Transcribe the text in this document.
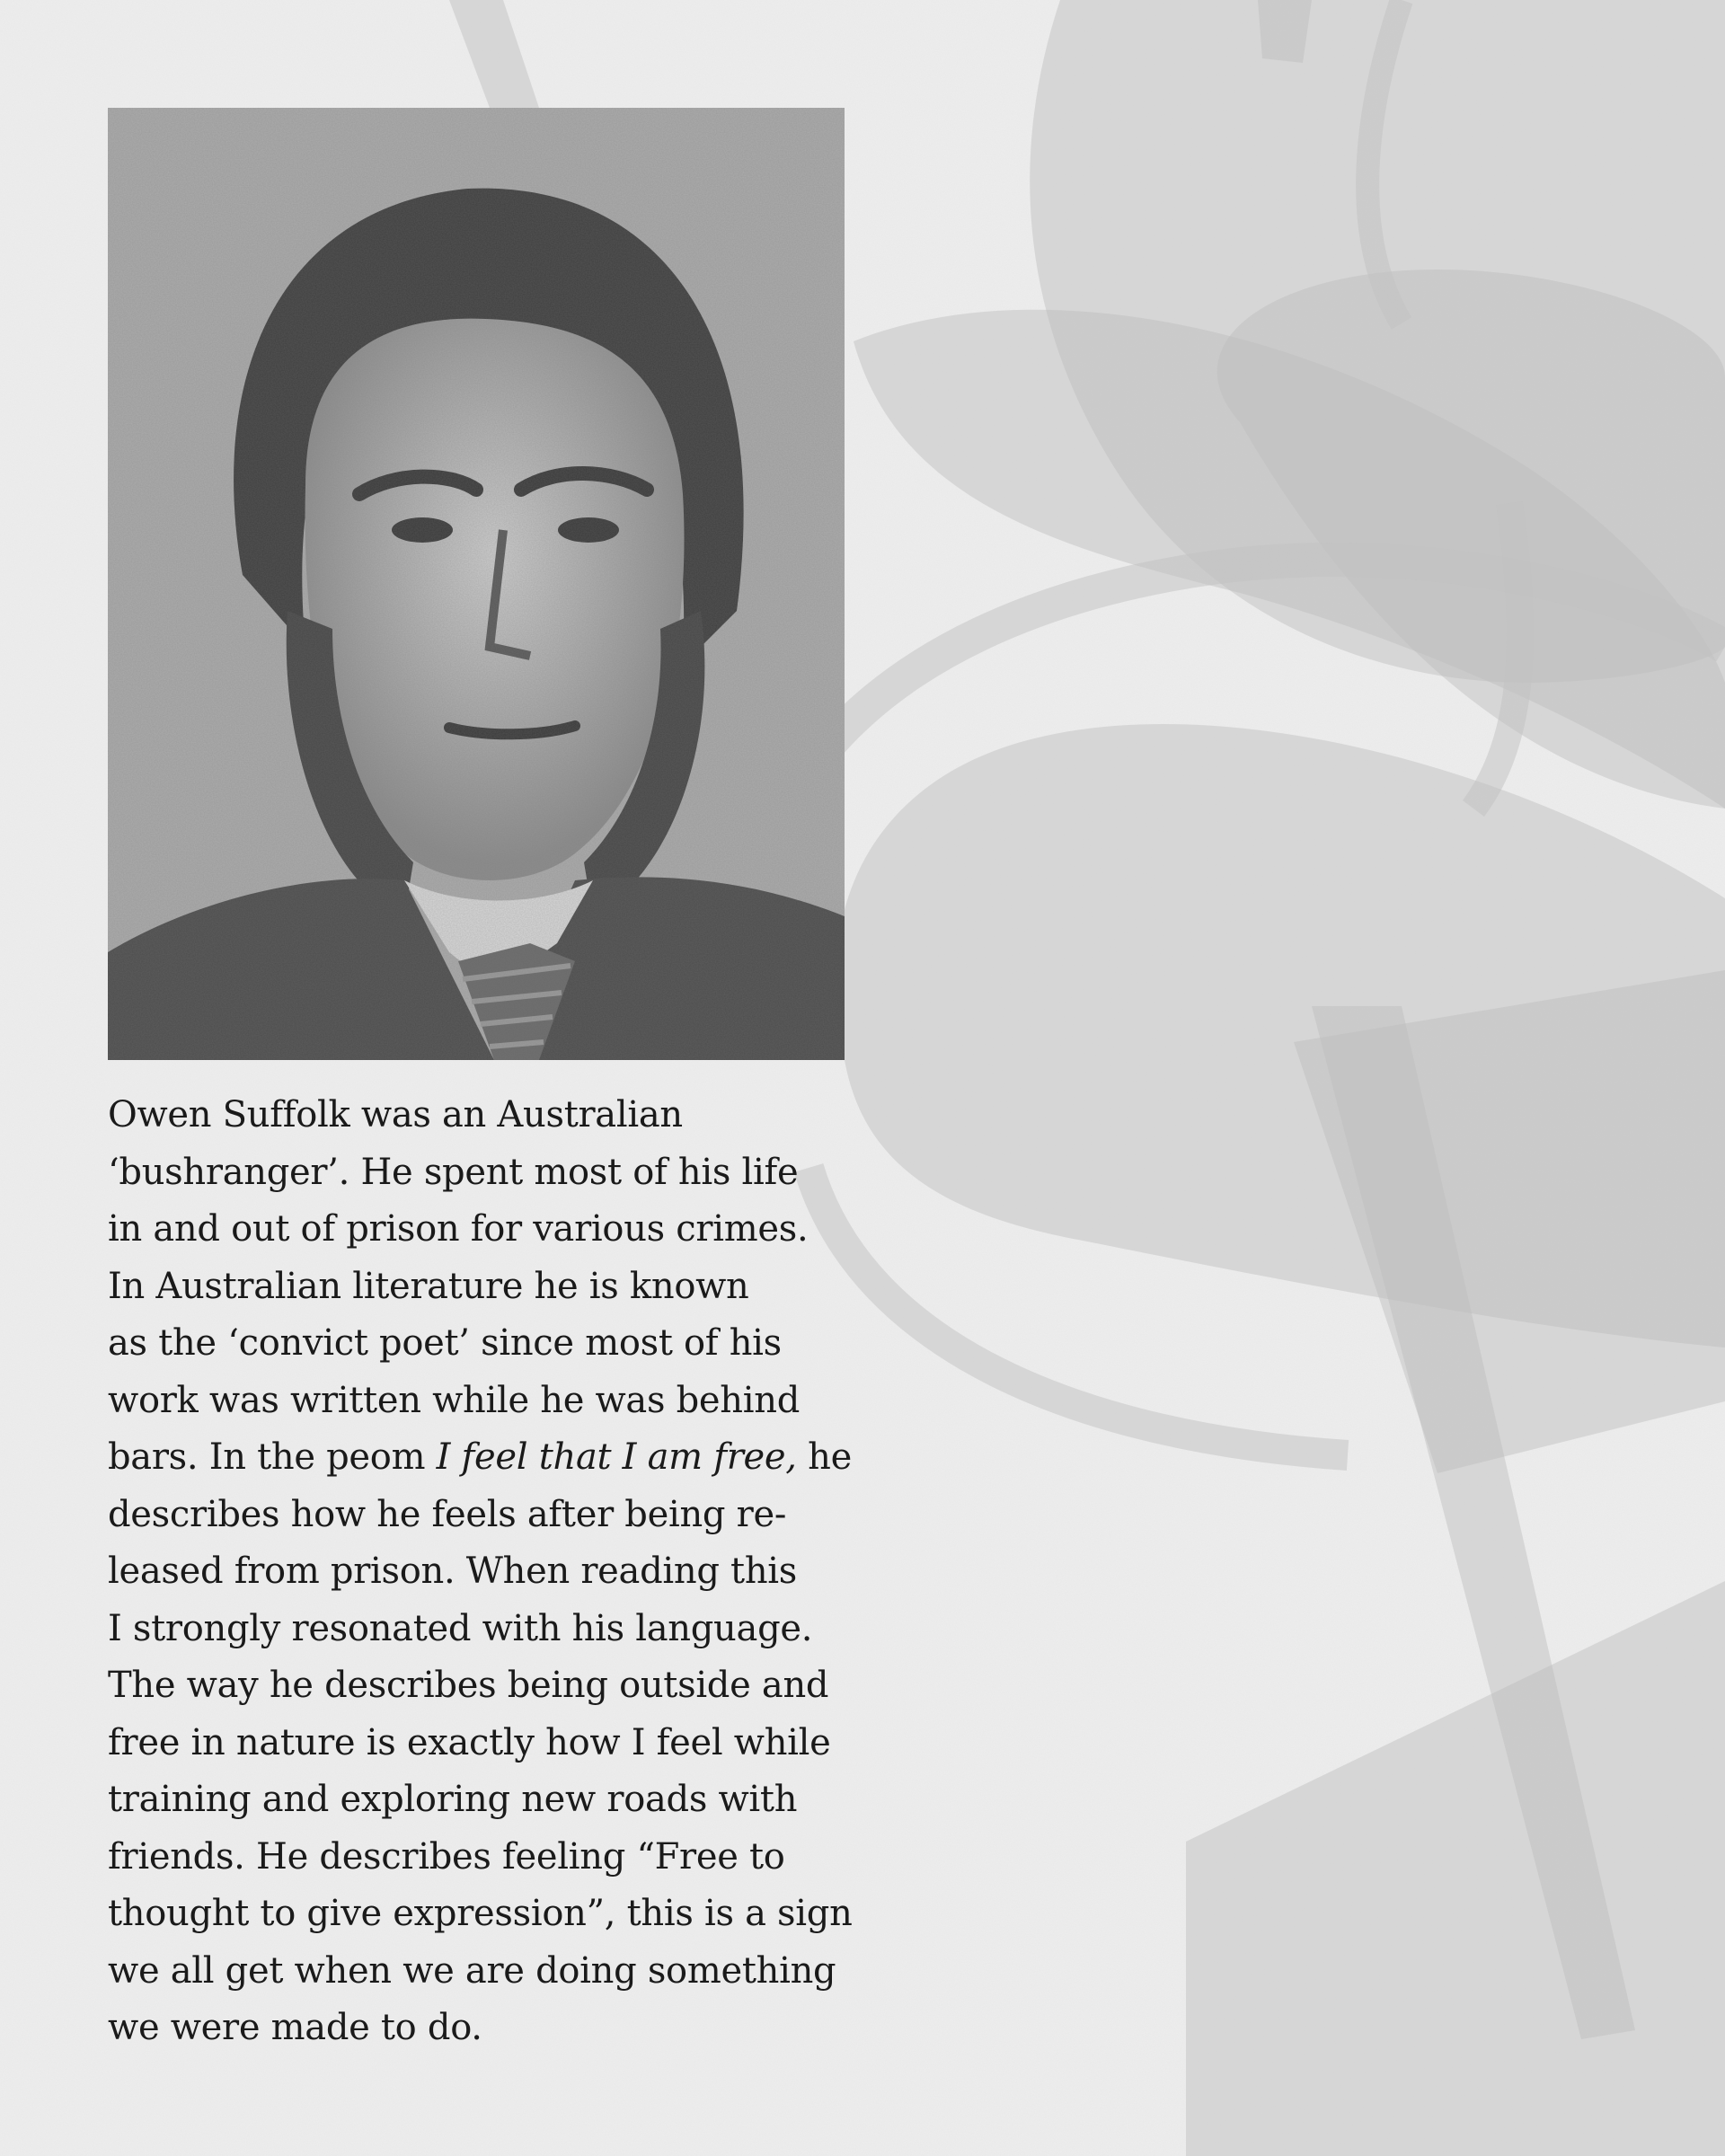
Owen Suffolk was an Australian
‘bushranger’. He spent most of his life
in and out of prison for various crimes.
In Australian literature he is known
as the ‘convict poet’ since most of his
work was written while he was behind
bars. In the peom I feel that I am free, he
describes how he feels after being re-
leased from prison. When reading this
I strongly resonated with his language.
The way he describes being outside and
free in nature is exactly how I feel while
training and exploring new roads with
friends. He describes feeling “Free to
thought to give expression”, this is a sign
we all get when we are doing something
we were made to do.
